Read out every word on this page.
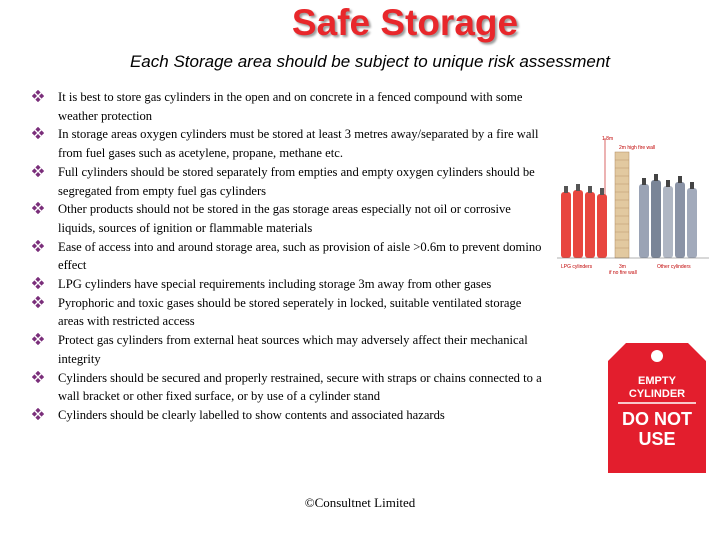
Safe Storage
Each Storage area should be subject to unique risk assessment
It is best to store gas cylinders in the open and on concrete in a fenced compound with some weather protection
In storage areas oxygen cylinders must be stored at least 3 metres away/separated by a fire wall from fuel gases such as acetylene, propane, methane etc.
Full cylinders should be stored separately from empties and empty oxygen cylinders should be segregated from empty fuel gas cylinders
Other products should not be stored in the gas storage areas especially not oil or corrosive liquids, sources of ignition or flammable materials
Ease of access into and around storage area, such as provision of aisle >0.6m to prevent domino effect
LPG cylinders have special requirements including storage 3m away from other gases
Pyrophoric and toxic gases should be stored seperately in locked, suitable ventilated storage areas with restricted access
Protect gas cylinders from external heat sources which may adversely affect their mechanical integrity
Cylinders should be secured and properly restrained, secure with straps or chains connected to a wall bracket or other fixed surface, or by use of a cylinder stand
Cylinders should be clearly labelled to show contents and associated hazards
1.8m
2m high fire wall
LPG cylinders	3m
if no fire wall
Other cylinders
EMPTY
CYLINDER
DO NOT
USE
©Consultnet Limited
